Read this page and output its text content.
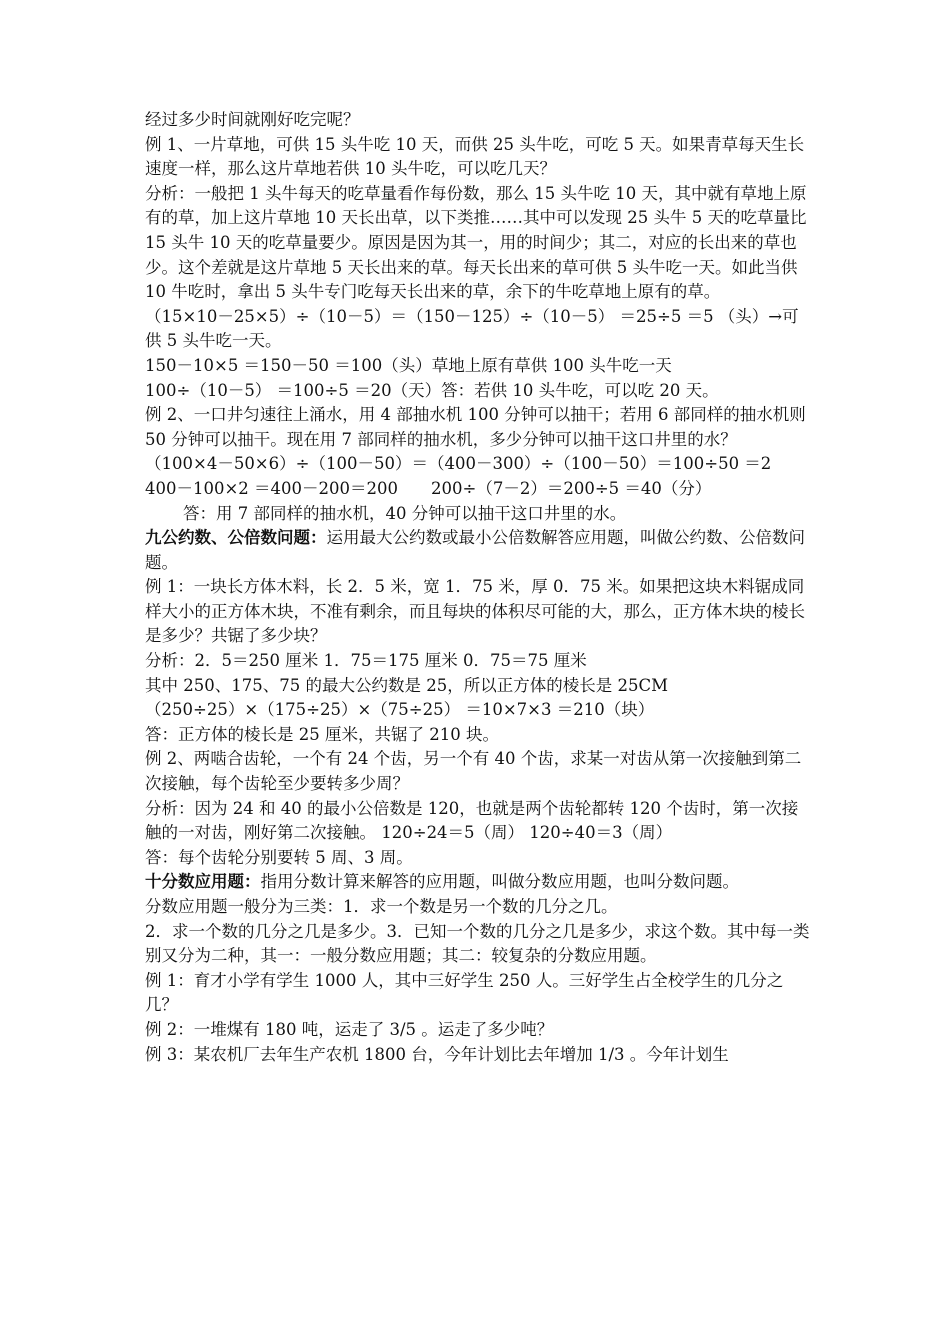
经过多少时间就刚好吃完呢？

例 1、一片草地，可供 15 头牛吃 10 天，而供 25 头牛吃，可吃 5 天。如果青草每天生长速度一样，那么这片草地若供 10 头牛吃，可以吃几天？

分析：一般把 1 头牛每天的吃草量看作每份数，那么 15 头牛吃 10 天，其中就有草地上原有的草，加上这片草地 10 天长出草，以下类推……其中可以发现 25 头牛 5 天的吃草量比 15 头牛 10 天的吃草量要少。原因是因为其一，用的时间少；其二，对应的长出来的草也少。这个差就是这片草地 5 天长出来的草。每天长出来的草可供 5 头牛吃一天。如此当供 10 牛吃时，拿出 5 头牛专门吃每天长出来的草，余下的牛吃草地上原有的草。

（15×10－25×5）÷（10－5）＝（150－125）÷（10－5） ＝25÷5 ＝5 （头）→可供 5 头牛吃一天。

150－10×5 ＝150－50 ＝100（头）草地上原有草供 100 头牛吃一天

100÷（10－5） ＝100÷5 ＝20（天）答：若供 10 头牛吃，可以吃 20 天。

例 2、一口井匀速往上涌水，用 4 部抽水机 100 分钟可以抽干；若用 6 部同样的抽水机则 50 分钟可以抽干。现在用 7 部同样的抽水机，多少分钟可以抽干这口井里的水？

（100×4－50×6）÷（100－50）＝（400－300）÷（100－50）＝100÷50 ＝2

400－100×2 ＝400－200＝200　　200÷（7－2）＝200÷5 ＝40（分）

答：用 7 部同样的抽水机，40 分钟可以抽干这口井里的水。

九公约数、公倍数问题：运用最大公约数或最小公倍数解答应用题，叫做公约数、公倍数问题。

例 1：一块长方体木料，长 2．5 米，宽 1．75 米，厚 0．75 米。如果把这块木料锯成同样大小的正方体木块，不准有剩余，而且每块的体积尽可能的大，那么，正方体木块的棱长是多少？共锯了多少块？

分析：2．5＝250 厘米 1．75＝175 厘米 0．75＝75 厘米

其中 250、175、75 的最大公约数是 25，所以正方体的棱长是 25CM

（250÷25）×（175÷25）×（75÷25） ＝10×7×3 ＝210（块）

答：正方体的棱长是 25 厘米，共锯了 210 块。

例 2、两啮合齿轮，一个有 24 个齿，另一个有 40 个齿，求某一对齿从第一次接触到第二次接触，每个齿轮至少要转多少周？

分析：因为 24 和 40 的最小公倍数是 120，也就是两个齿轮都转 120 个齿时，第一次接触的一对齿，刚好第二次接触。 120÷24＝5（周） 120÷40＝3（周）

答：每个齿轮分别要转 5 周、3 周。

十分数应用题：指用分数计算来解答的应用题，叫做分数应用题，也叫分数问题。

分数应用题一般分为三类：1．求一个数是另一个数的几分之几。

2．求一个数的几分之几是多少。3．已知一个数的几分之几是多少，求这个数。其中每一类别又分为二种，其一：一般分数应用题；其二：较复杂的分数应用题。

例 1：育才小学有学生 1000 人，其中三好学生 250 人。三好学生占全校学生的几分之几？

例 2：一堆煤有 180 吨，运走了 3/5 。运走了多少吨？

例 3：某农机厂去年生产农机 1800 台，今年计划比去年增加 1/3 。今年计划生
